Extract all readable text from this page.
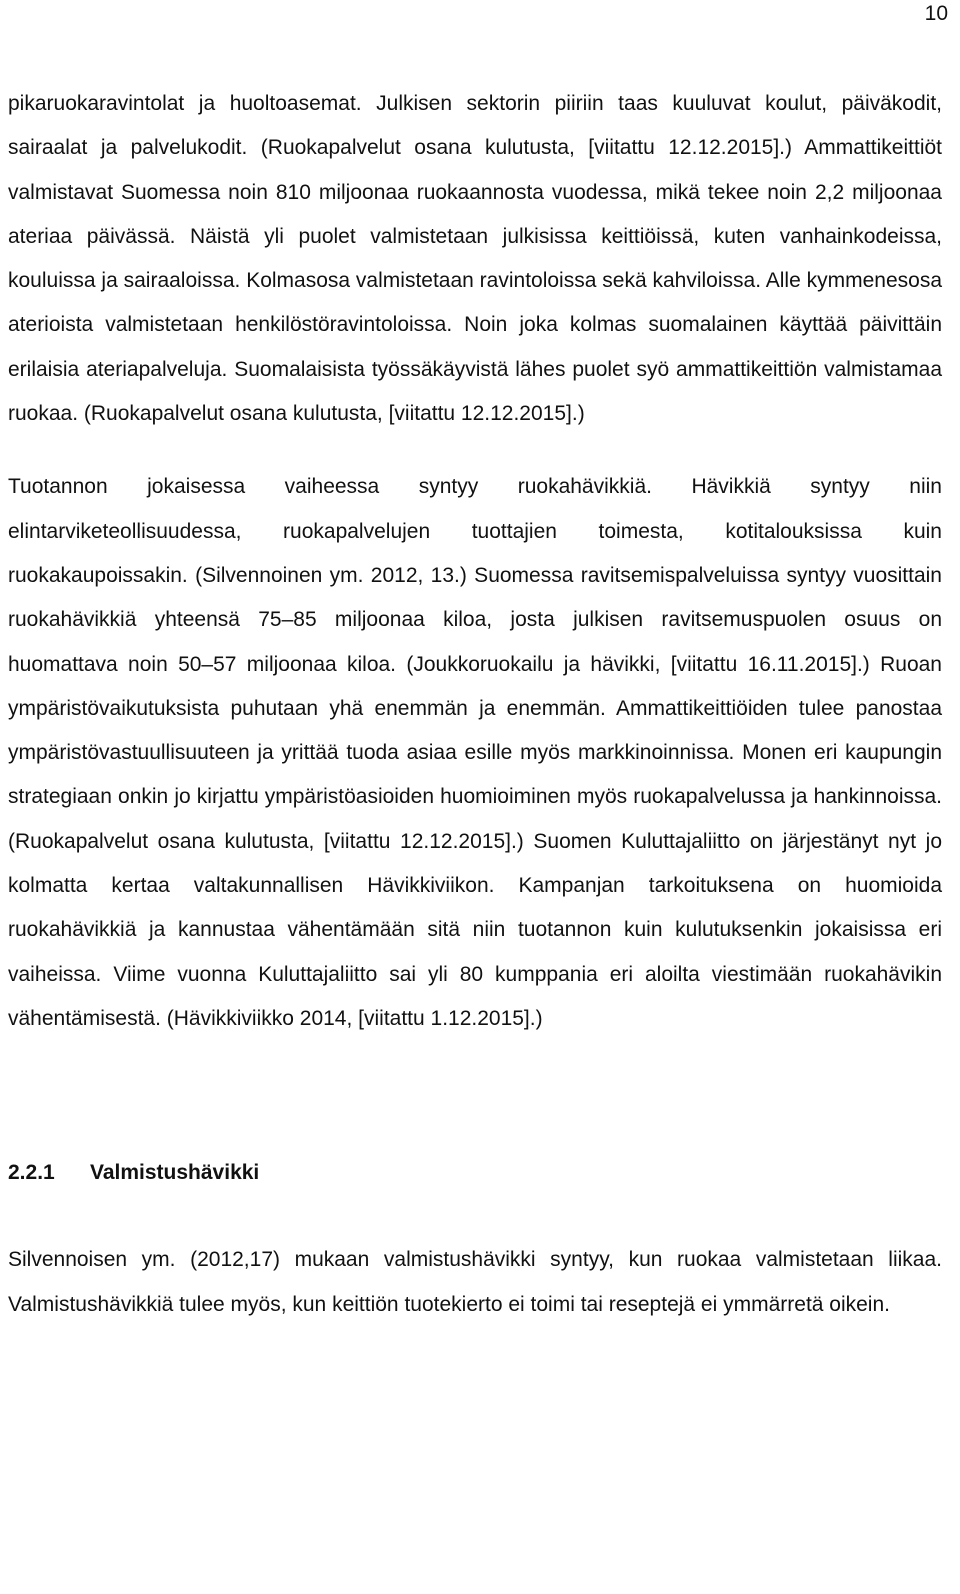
10

pikaruokaravintolat ja huoltoasemat. Julkisen sektorin piiriin taas kuuluvat koulut, päiväkodit, sairaalat ja palvelukodit. (Ruokapalvelut osana kulutusta, [viitattu 12.12.2015].) Ammattikeittiöt valmistavat Suomessa noin 810 miljoonaa ruokaannosta vuodessa, mikä tekee noin 2,2 miljoonaa ateriaa päivässä. Näistä yli puolet valmistetaan julkisissa keittiöissä, kuten vanhainkodeissa, kouluissa ja sairaaloissa. Kolmasosa valmistetaan ravintoloissa sekä kahviloissa. Alle kymmenesosa aterioista valmistetaan henkilöstöravintoloissa. Noin joka kolmas suomalainen käyttää päivittäin erilaisia ateriapalveluja. Suomalaisista työssäkäyvistä lähes puolet syö ammattikeittiön valmistamaa ruokaa. (Ruokapalvelut osana kulutusta, [viitattu 12.12.2015].)

Tuotannon jokaisessa vaiheessa syntyy ruokahävikkiä. Hävikkiä syntyy niin elintarviketeollisuudessa, ruokapalvelujen tuottajien toimesta, kotitalouksissa kuin ruokakaupoissakin. (Silvennoinen ym. 2012, 13.) Suomessa ravitsemispalveluissa syntyy vuosittain ruokahävikkiä yhteensä 75–85 miljoonaa kiloa, josta julkisen ravitsemuspuolen osuus on huomattava noin 50–57 miljoonaa kiloa. (Joukkoruokailu ja hävikki, [viitattu 16.11.2015].) Ruoan ympäristövaikutuksista puhutaan yhä enemmän ja enemmän. Ammattikeittiöiden tulee panostaa ympäristövastuullisuuteen ja yrittää tuoda asiaa esille myös markkinoinnissa. Monen eri kaupungin strategiaan onkin jo kirjattu ympäristöasioiden huomioiminen myös ruokapalvelussa ja hankinnoissa. (Ruokapalvelut osana kulutusta, [viitattu 12.12.2015].) Suomen Kuluttajaliitto on järjestänyt nyt jo kolmatta kertaa valtakunnallisen Hävikkiviikon. Kampanjan tarkoituksena on huomioida ruokahävikkiä ja kannustaa vähentämään sitä niin tuotannon kuin kulutuksenkin jokaisissa eri vaiheissa. Viime vuonna Kuluttajaliitto sai yli 80 kumppania eri aloilta viestimään ruokahävikin vähentämisestä. (Hävikkiviikko 2014, [viitattu 1.12.2015].)

2.2.1	Valmistushävikki

Silvennoisen ym. (2012,17) mukaan valmistushävikki syntyy, kun ruokaa valmistetaan liikaa. Valmistushävikkiä tulee myös, kun keittiön tuotekierto ei toimi tai reseptejä ei ymmärretä oikein.
